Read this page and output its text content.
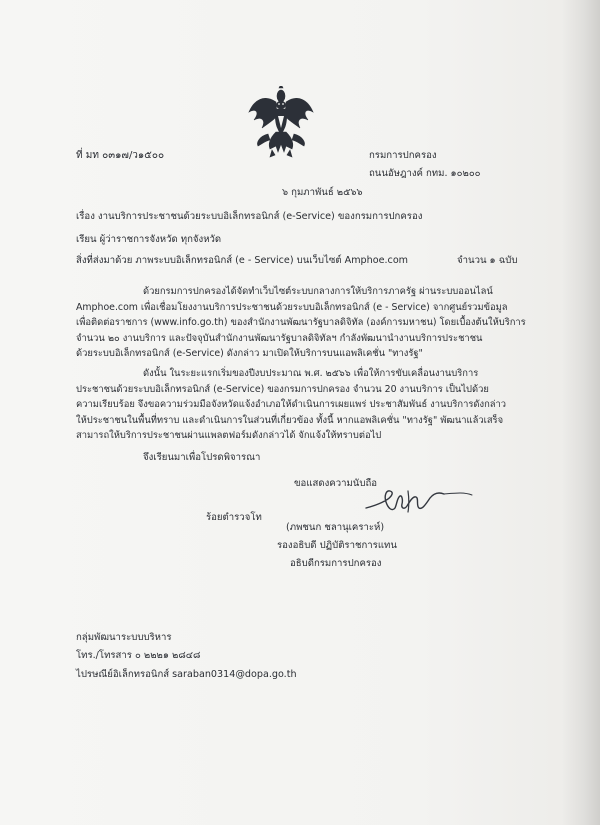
ที่ มท ๐๓๑๗/ว๑๕๐๐	กรมการปกครอง
ถนนอัษฎางค์ กทม. ๑๐๒๐๐
๖ กุมภาพันธ์ ๒๕๖๖
เรื่อง งานบริการประชาชนด้วยระบบอิเล็กทรอนิกส์ (e-Service) ของกรมการปกครอง
เรียน ผู้ว่าราชการจังหวัด ทุกจังหวัด
สิ่งที่ส่งมาด้วย ภาพระบบอิเล็กทรอนิกส์ (e - Service) บนเว็บไซต์ Amphoe.com	จำนวน ๑ ฉบับ
ด้วยกรมการปกครองได้จัดทำเว็บไซต์ระบบกลางการให้บริการภาครัฐ ผ่านระบบออนไลน์
Amphoe.com เพื่อเชื่อมโยงงานบริการประชาชนด้วยระบบอิเล็กทรอนิกส์ (e - Service) จากศูนย์รวมข้อมูล
เพื่อติดต่อราชการ (www.info.go.th) ของสำนักงานพัฒนารัฐบาลดิจิทัล (องค์การมหาชน) โดยเบื้องต้นให้บริการ
จำนวน ๒๐ งานบริการ และปัจจุบันสำนักงานพัฒนารัฐบาลดิจิทัลฯ กำลังพัฒนานำงานบริการประชาชน
ด้วยระบบอิเล็กทรอนิกส์ (e-Service) ดังกล่าว มาเปิดให้บริการบนแอพลิเคชั่น "ทางรัฐ"
ดังนั้น ในระยะแรกเริ่มของปีงบประมาณ พ.ศ. ๒๕๖๖ เพื่อให้การขับเคลื่อนงานบริการ
ประชาชนด้วยระบบอิเล็กทรอนิกส์ (e-Service) ของกรมการปกครอง จำนวน 20 งานบริการ เป็นไปด้วย
ความเรียบร้อย จึงขอความร่วมมือจังหวัดแจ้งอำเภอให้ดำเนินการเผยแพร่ ประชาสัมพันธ์ งานบริการดังกล่าว
ให้ประชาชนในพื้นที่ทราบ และดำเนินการในส่วนที่เกี่ยวข้อง ทั้งนี้ หากแอพลิเคชั่น "ทางรัฐ" พัฒนาแล้วเสร็จ
สามารถให้บริการประชาชนผ่านแพลตฟอร์มดังกล่าวได้ จักแจ้งให้ทราบต่อไป
จึงเรียนมาเพื่อโปรดพิจารณา
ขอแสดงความนับถือ
ร้อยตำรวจโท
(ภพชนก ชลานุเคราะห์)
รองอธิบดี ปฏิบัติราชการแทน
อธิบดีกรมการปกครอง
กลุ่มพัฒนาระบบบริหาร
โทร./โทรสาร ๐ ๒๒๒๑ ๒๘๔๘
ไปรษณีย์อิเล็กทรอนิกส์ saraban0314@dopa.go.th
